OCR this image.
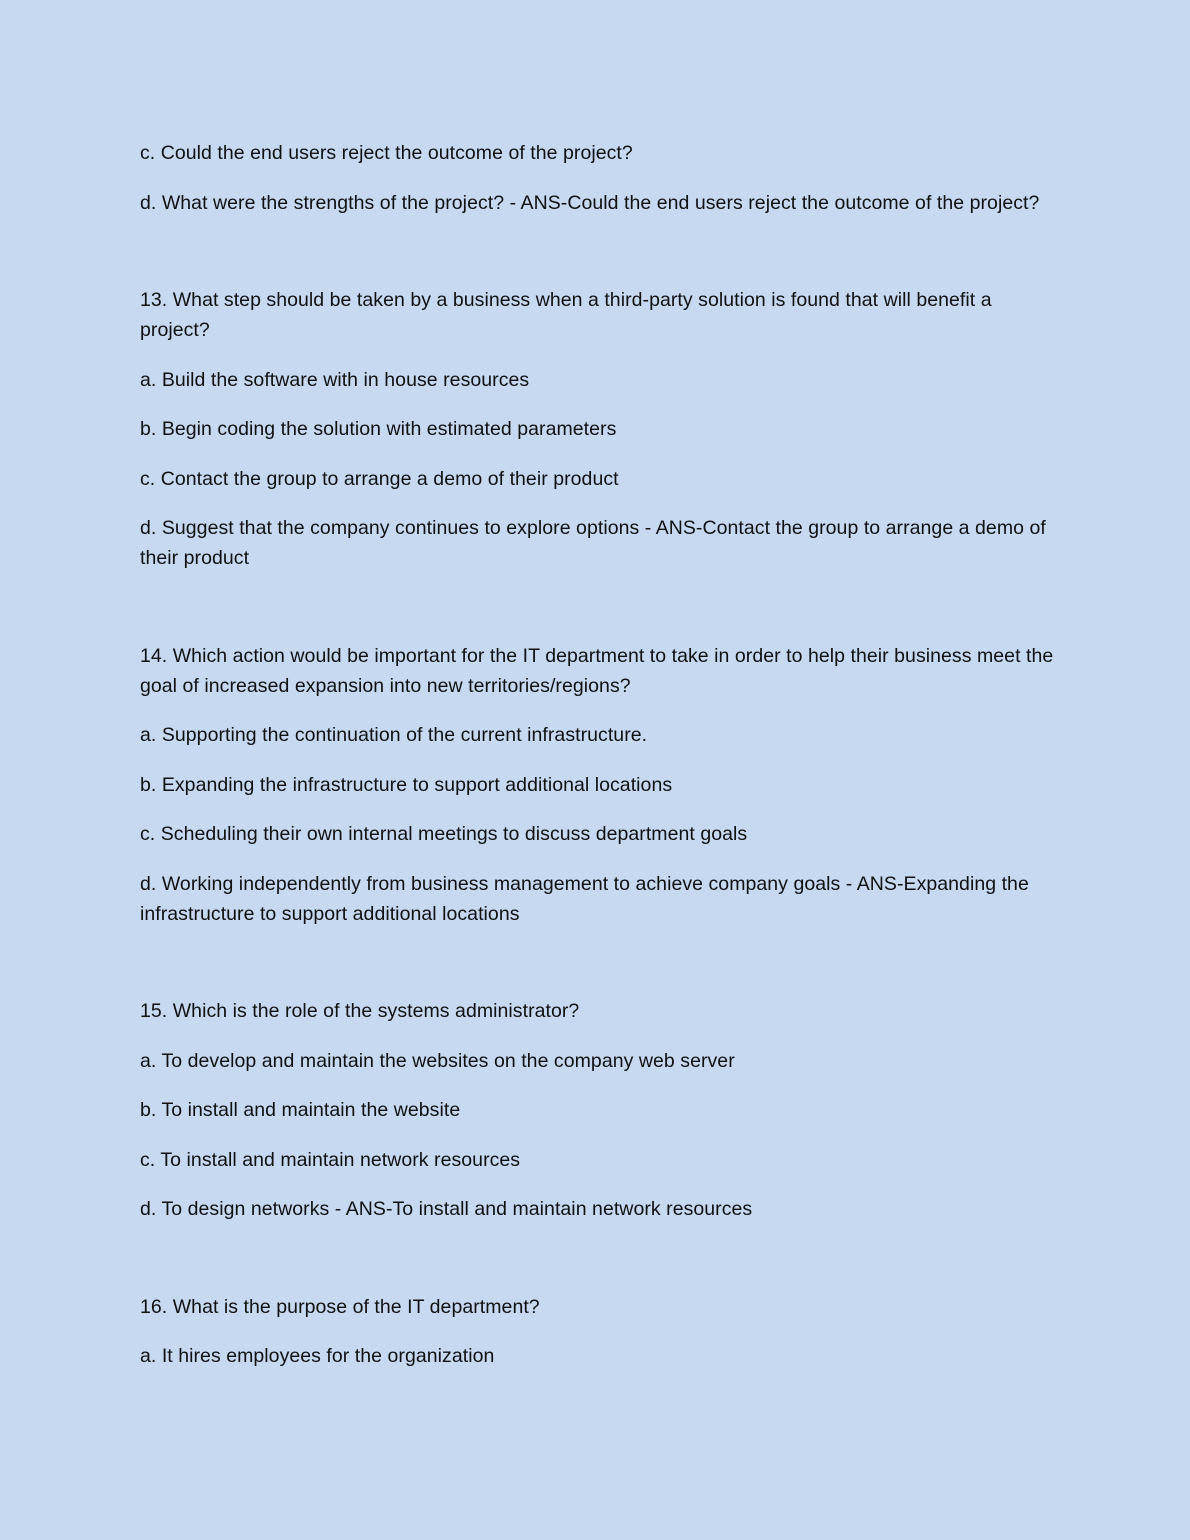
c. Could the end users reject the outcome of the project?

d. What were the strengths of the project? - ANS-Could the end users reject the outcome of the project?

13. What step should be taken by a business when a third-party solution is found that will benefit a project?

a. Build the software with in house resources

b. Begin coding the solution with estimated parameters

c. Contact the group to arrange a demo of their product

d. Suggest that the company continues to explore options - ANS-Contact the group to arrange a demo of their product

14. Which action would be important for the IT department to take in order to help their business meet the goal of increased expansion into new territories/regions?

a. Supporting the continuation of the current infrastructure.

b. Expanding the infrastructure to support additional locations

c. Scheduling their own internal meetings to discuss department goals

d. Working independently from business management to achieve company goals - ANS-Expanding the infrastructure to support additional locations

15. Which is the role of the systems administrator?

a. To develop and maintain the websites on the company web server

b. To install and maintain the website

c. To install and maintain network resources

d. To design networks - ANS-To install and maintain network resources

16. What is the purpose of the IT department?

a. It hires employees for the organization
